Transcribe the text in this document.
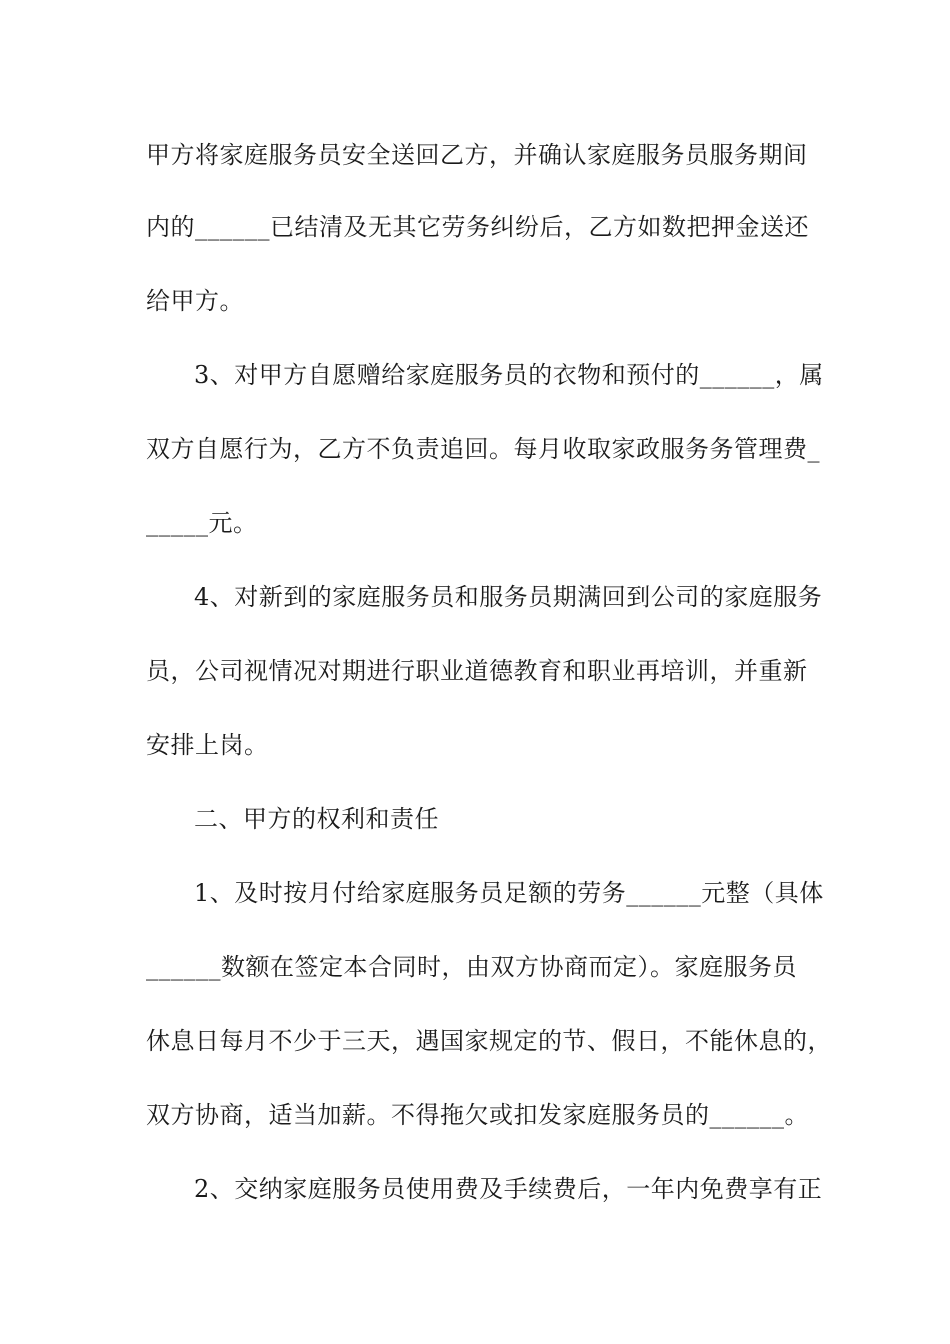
甲方将家庭服务员安全送回乙方，并确认家庭服务员服务期间
内的______已结清及无其它劳务纠纷后，乙方如数把押金送还
给甲方。
3、对甲方自愿赠给家庭服务员的衣物和预付的______，属
双方自愿行为，乙方不负责追回。每月收取家政服务务管理费_
_____元。
4、对新到的家庭服务员和服务员期满回到公司的家庭服务
员，公司视情况对期进行职业道德教育和职业再培训，并重新
安排上岗。
二、甲方的权利和责任
1、及时按月付给家庭服务员足额的劳务______元整（具体
______数额在签定本合同时，由双方协商而定）。家庭服务员
休息日每月不少于三天，遇国家规定的节、假日，不能休息的，
双方协商，适当加薪。不得拖欠或扣发家庭服务员的______。
2、交纳家庭服务员使用费及手续费后，一年内免费享有正
